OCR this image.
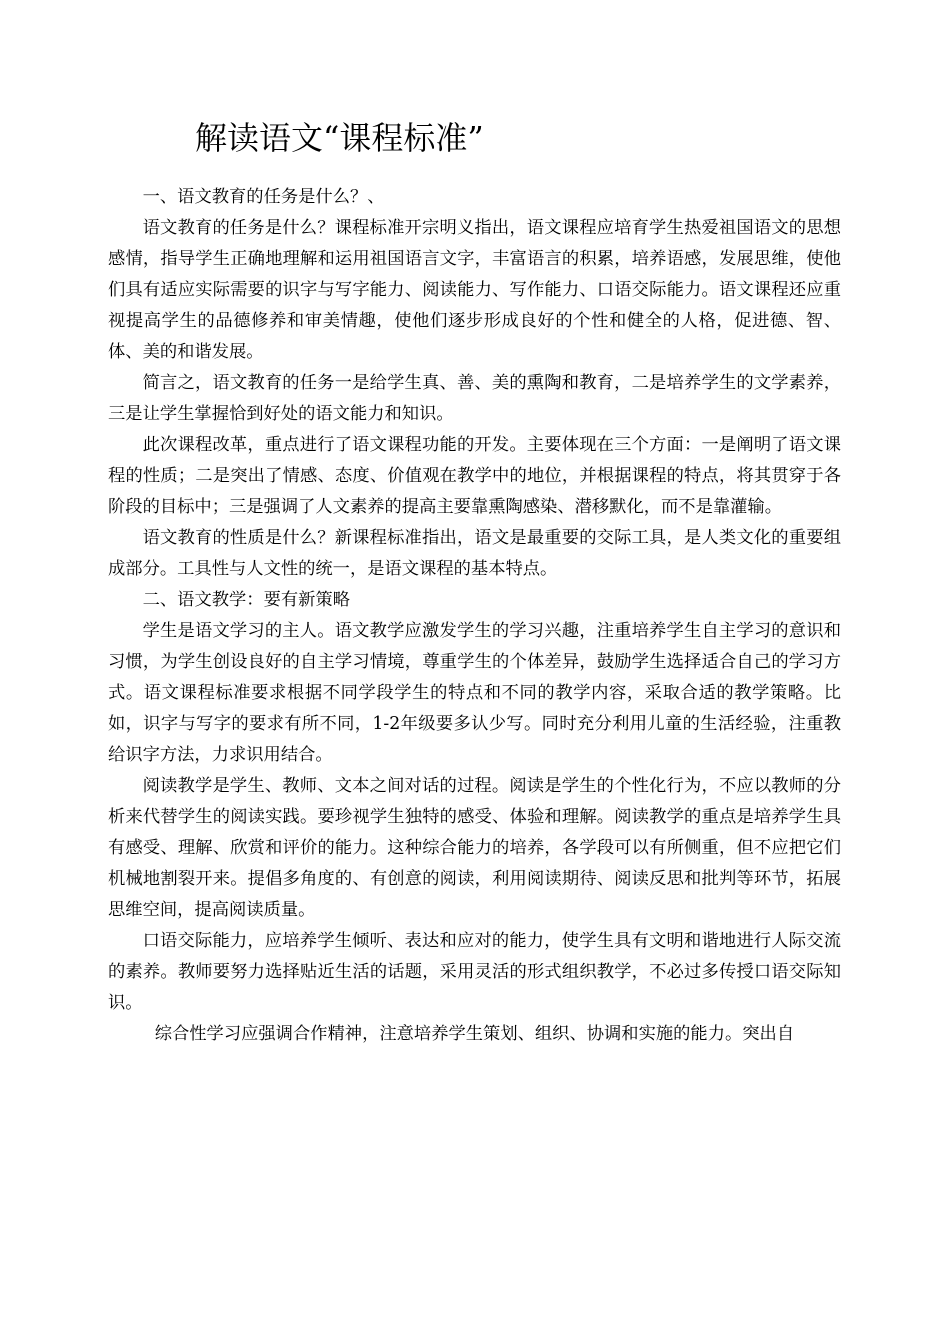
解读语文“课程标准”

一、语文教育的任务是什么？、

语文教育的任务是什么？课程标准开宗明义指出，语文课程应培育学生热爱祖国语文的思想感情，指导学生正确地理解和运用祖国语言文字，丰富语言的积累，培养语感，发展思维，使他们具有适应实际需要的识字与写字能力、阅读能力、写作能力、口语交际能力。语文课程还应重视提高学生的品德修养和审美情趣，使他们逐步形成良好的个性和健全的人格，促进德、智、体、美的和谐发展。

简言之，语文教育的任务一是给学生真、善、美的熏陶和教育，二是培养学生的文学素养，三是让学生掌握恰到好处的语文能力和知识。

此次课程改革，重点进行了语文课程功能的开发。主要体现在三个方面：一是阐明了语文课程的性质；二是突出了情感、态度、价值观在教学中的地位，并根据课程的特点，将其贯穿于各阶段的目标中；三是强调了人文素养的提高主要靠熏陶感染、潜移默化，而不是靠灌输。

语文教育的性质是什么？新课程标准指出，语文是最重要的交际工具，是人类文化的重要组成部分。工具性与人文性的统一，是语文课程的基本特点。

二、语文教学：要有新策略

学生是语文学习的主人。语文教学应激发学生的学习兴趣，注重培养学生自主学习的意识和习惯，为学生创设良好的自主学习情境，尊重学生的个体差异，鼓励学生选择适合自己的学习方式。语文课程标准要求根据不同学段学生的特点和不同的教学内容，采取合适的教学策略。比如，识字与写字的要求有所不同，1-2年级要多认少写。同时充分利用儿童的生活经验，注重教给识字方法，力求识用结合。

阅读教学是学生、教师、文本之间对话的过程。阅读是学生的个性化行为，不应以教师的分析来代替学生的阅读实践。要珍视学生独特的感受、体验和理解。阅读教学的重点是培养学生具有感受、理解、欣赏和评价的能力。这种综合能力的培养，各学段可以有所侧重，但不应把它们机械地割裂开来。提倡多角度的、有创意的阅读，利用阅读期待、阅读反思和批判等环节，拓展思维空间，提高阅读质量。

口语交际能力，应培养学生倾听、表达和应对的能力，使学生具有文明和谐地进行人际交流的素养。教师要努力选择贴近生活的话题，采用灵活的形式组织教学，不必过多传授口语交际知识。

综合性学习应强调合作精神，注意培养学生策划、组织、协调和实施的能力。突出自
